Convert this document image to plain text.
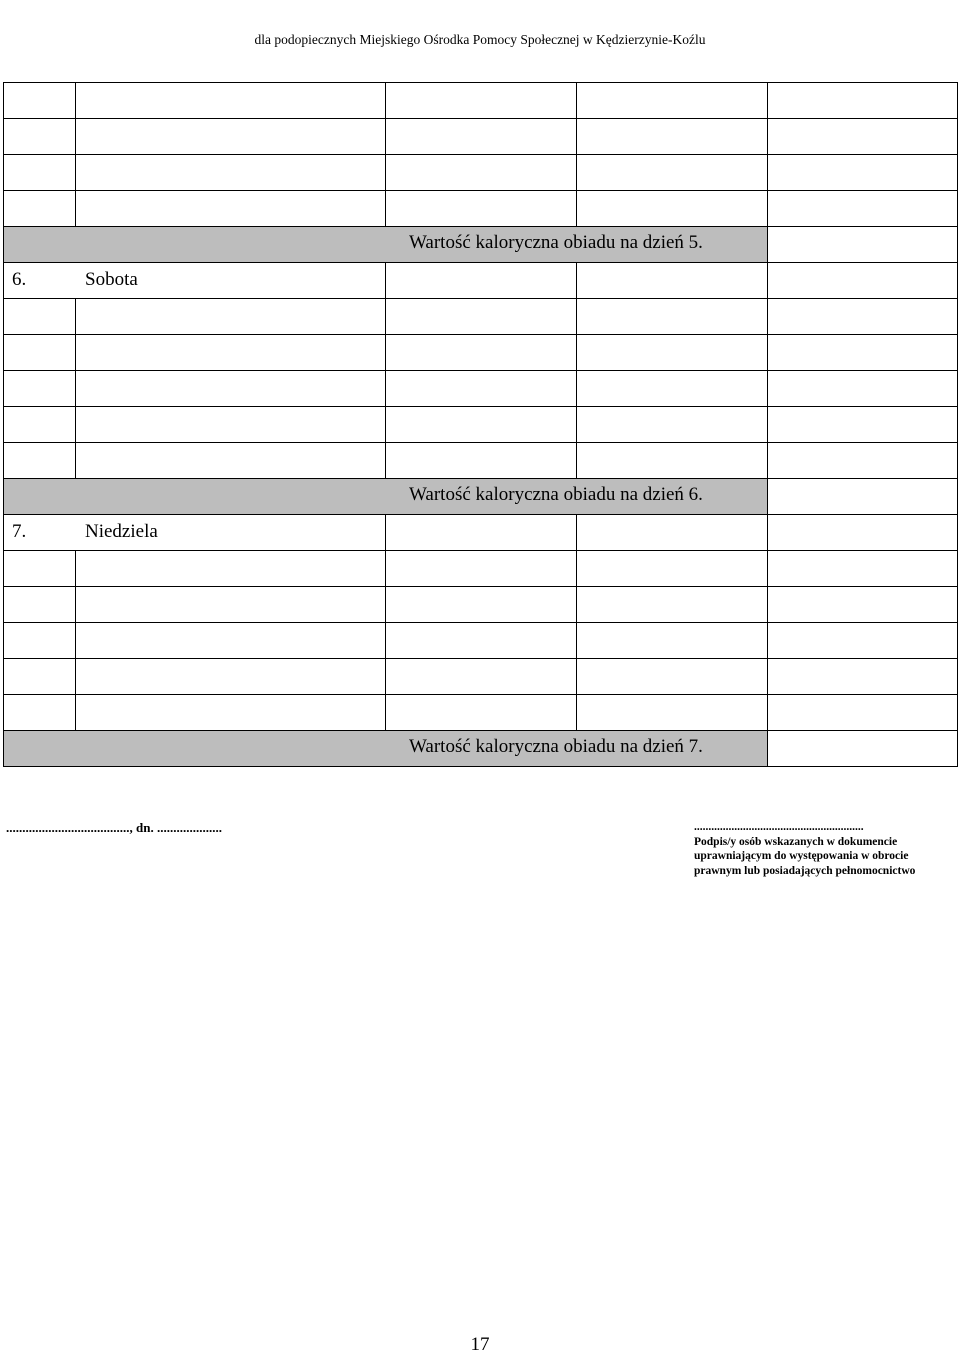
Specyfikacja Istotnych Warunków Zamówienia – DK.241.07.2014.PN
Przygotowanie, dostarczanie i wydanie gorących posiłków
dla podopiecznych Miejskiego Ośrodka Pomocy Społecznej w Kędzierzynie-Koźlu
Wartość kaloryczna obiadu na dzień 5.
6.	Sobota
Wartość kaloryczna obiadu na dzień 6.
7.	Niedziela
Wartość kaloryczna obiadu na dzień 7.
......................................, dn. ....................	...........................................................
Podpis/y osób wskazanych w dokumencie
uprawniającym do występowania w obrocie
prawnym lub posiadających pełnomocnictwo
17
